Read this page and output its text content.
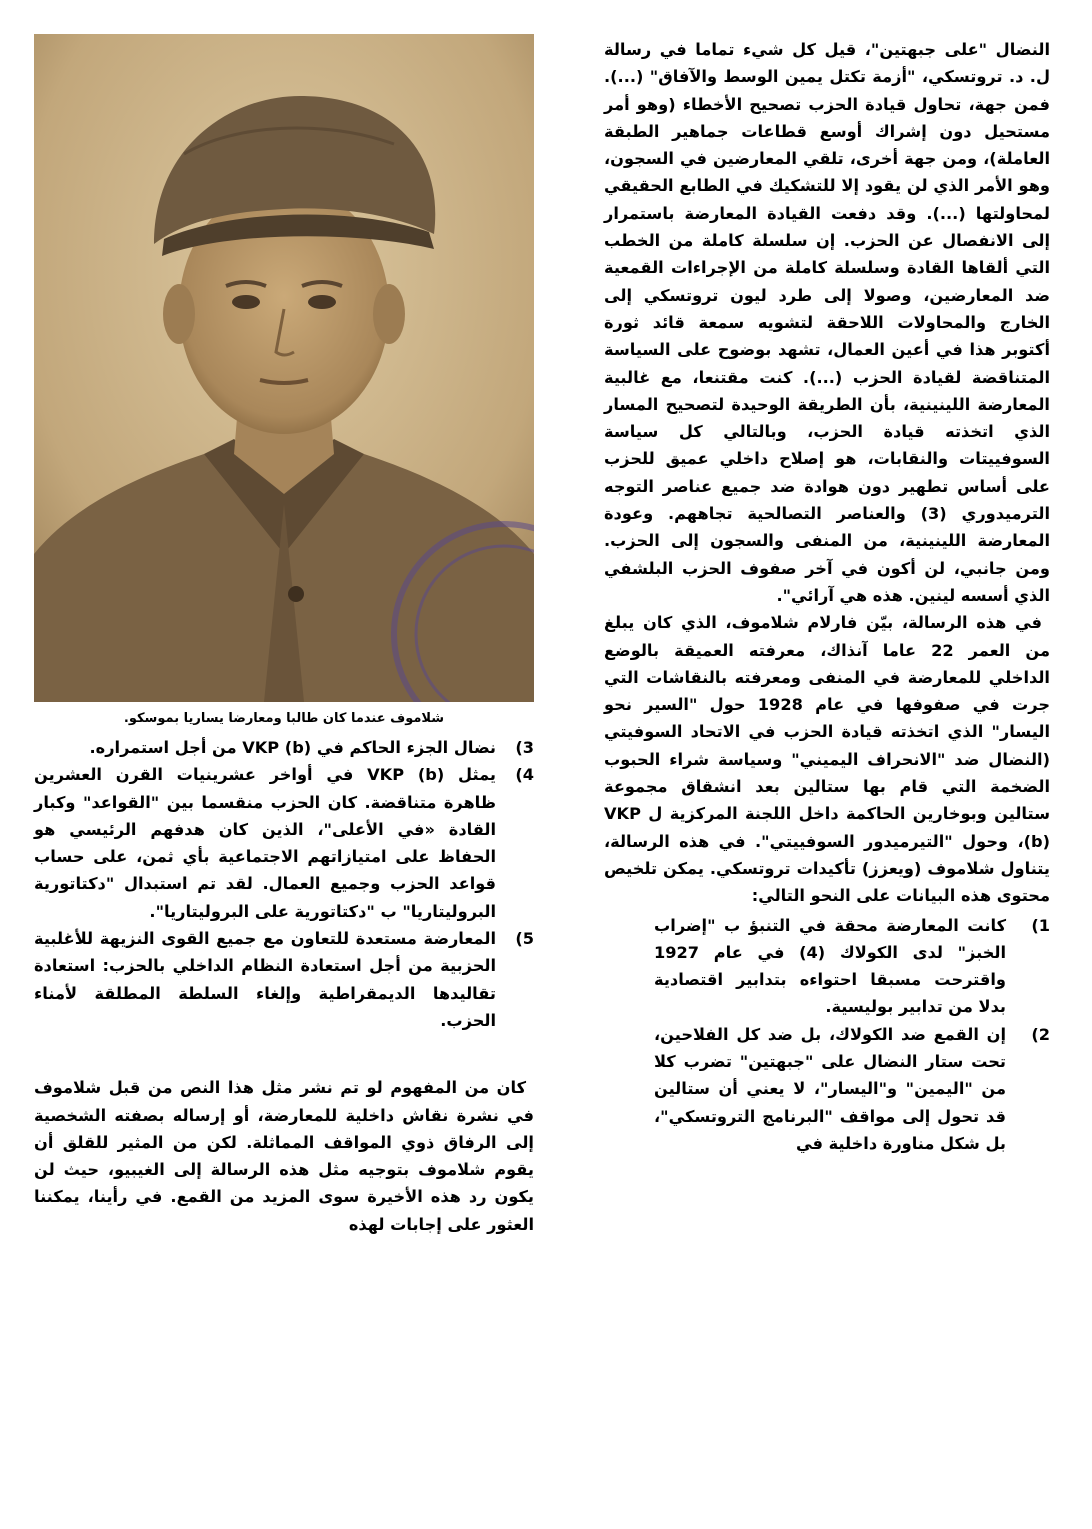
النضال "على جبهتين"، قيل كل شيء تماما في رسالة ل. د. تروتسكي، "أزمة تكتل يمين الوسط والآفاق" (...). فمن جهة، تحاول قيادة الحزب تصحيح الأخطاء (وهو أمر مستحيل دون إشراك أوسع قطاعات جماهير الطبقة العاملة)، ومن جهة أخرى، تلقي المعارضين في السجون، وهو الأمر الذي لن يقود إلا للتشكيك في الطابع الحقيقي لمحاولتها (...). وقد دفعت القيادة المعارضة باستمرار إلى الانفصال عن الحزب. إن سلسلة كاملة من الخطب التي ألقاها القادة وسلسلة كاملة من الإجراءات القمعية ضد المعارضين، وصولا إلى طرد ليون تروتسكي إلى الخارج والمحاولات اللاحقة لتشويه سمعة قائد ثورة أكتوبر هذا في أعين العمال، تشهد بوضوح على السياسة المتناقضة لقيادة الحزب (...). كنت مقتنعا، مع غالبية المعارضة اللينينية، بأن الطريقة الوحيدة لتصحيح المسار الذي اتخذته قيادة الحزب، وبالتالي كل سياسة السوفييتات والنقابات، هو إصلاح داخلي عميق للحزب على أساس تطهير دون هوادة ضد جميع عناصر التوجه الترميدوري (3) والعناصر التصالحية تجاههم. وعودة المعارضة اللينينية، من المنفى والسجون إلى الحزب. ومن جانبي، لن أكون في آخر صفوف الحزب البلشفي الذي أسسه لينين. هذه هي آرائي".

في هذه الرسالة، بيّن فارلام شلاموف، الذي كان يبلغ من العمر 22 عاما آنذاك، معرفته العميقة بالوضع الداخلي للمعارضة في المنفى ومعرفته بالنقاشات التي جرت في صفوفها في عام 1928 حول "السير نحو اليسار" الذي اتخذته قيادة الحزب في الاتحاد السوفيتي (النضال ضد "الانحراف اليميني" وسياسة شراء الحبوب الضخمة التي قام بها ستالين بعد انشقاق مجموعة ستالين وبوخارين الحاكمة داخل اللجنة المركزية ل VKP (b)، وحول "التيرميدور السوفييتي". في هذه الرسالة، يتناول شلاموف (ويعزز) تأكيدات تروتسكي. يمكن تلخيص محتوى هذه البيانات على النحو التالي:

1)
كانت المعارضة محقة في التنبؤ ب "إضراب الخبز" لدى الكولاك (4) في عام 1927 واقترحت مسبقا احتواءه بتدابير اقتصادية بدلا من تدابير بوليسية.
2)
إن القمع ضد الكولاك، بل ضد كل الفلاحين، تحت ستار النضال على "جبهتين" تضرب كلا من "اليمين" و"اليسار"، لا يعني أن ستالين قد تحول إلى مواقف "البرنامج التروتسكي"، بل شكل مناورة داخلية في
شلاموف عندما كان طالبا ومعارضا يساريا بموسكو.
3)
نضال الجزء الحاكم في VKP (b) من أجل استمراره.
4)
يمثل VKP (b) في أواخر عشرينيات القرن العشرين ظاهرة متناقضة. كان الحزب منقسما بين "القواعد" وكبار القادة «في الأعلى"، الذين كان هدفهم الرئيسي هو الحفاظ على امتيازاتهم الاجتماعية بأي ثمن، على حساب قواعد الحزب وجميع العمال. لقد تم استبدال "دكتاتورية البروليتاريا" ب "دكتاتورية على البروليتاريا".
5)
المعارضة مستعدة للتعاون مع جميع القوى النزيهة للأغلبية الحزبية من أجل استعادة النظام الداخلي بالحزب: استعادة تقاليدها الديمقراطية وإلغاء السلطة المطلقة لأمناء الحزب.

كان من المفهوم لو تم نشر مثل هذا النص من قبل شلاموف في نشرة نقاش داخلية للمعارضة، أو إرساله بصفته الشخصية إلى الرفاق ذوي المواقف المماثلة. لكن من المثير للقلق أن يقوم شلاموف بتوجيه مثل هذه الرسالة إلى الغيبيو، حيث لن يكون رد هذه الأخيرة سوى المزيد من القمع. في رأينا، يمكننا العثور على إجابات لهذه
